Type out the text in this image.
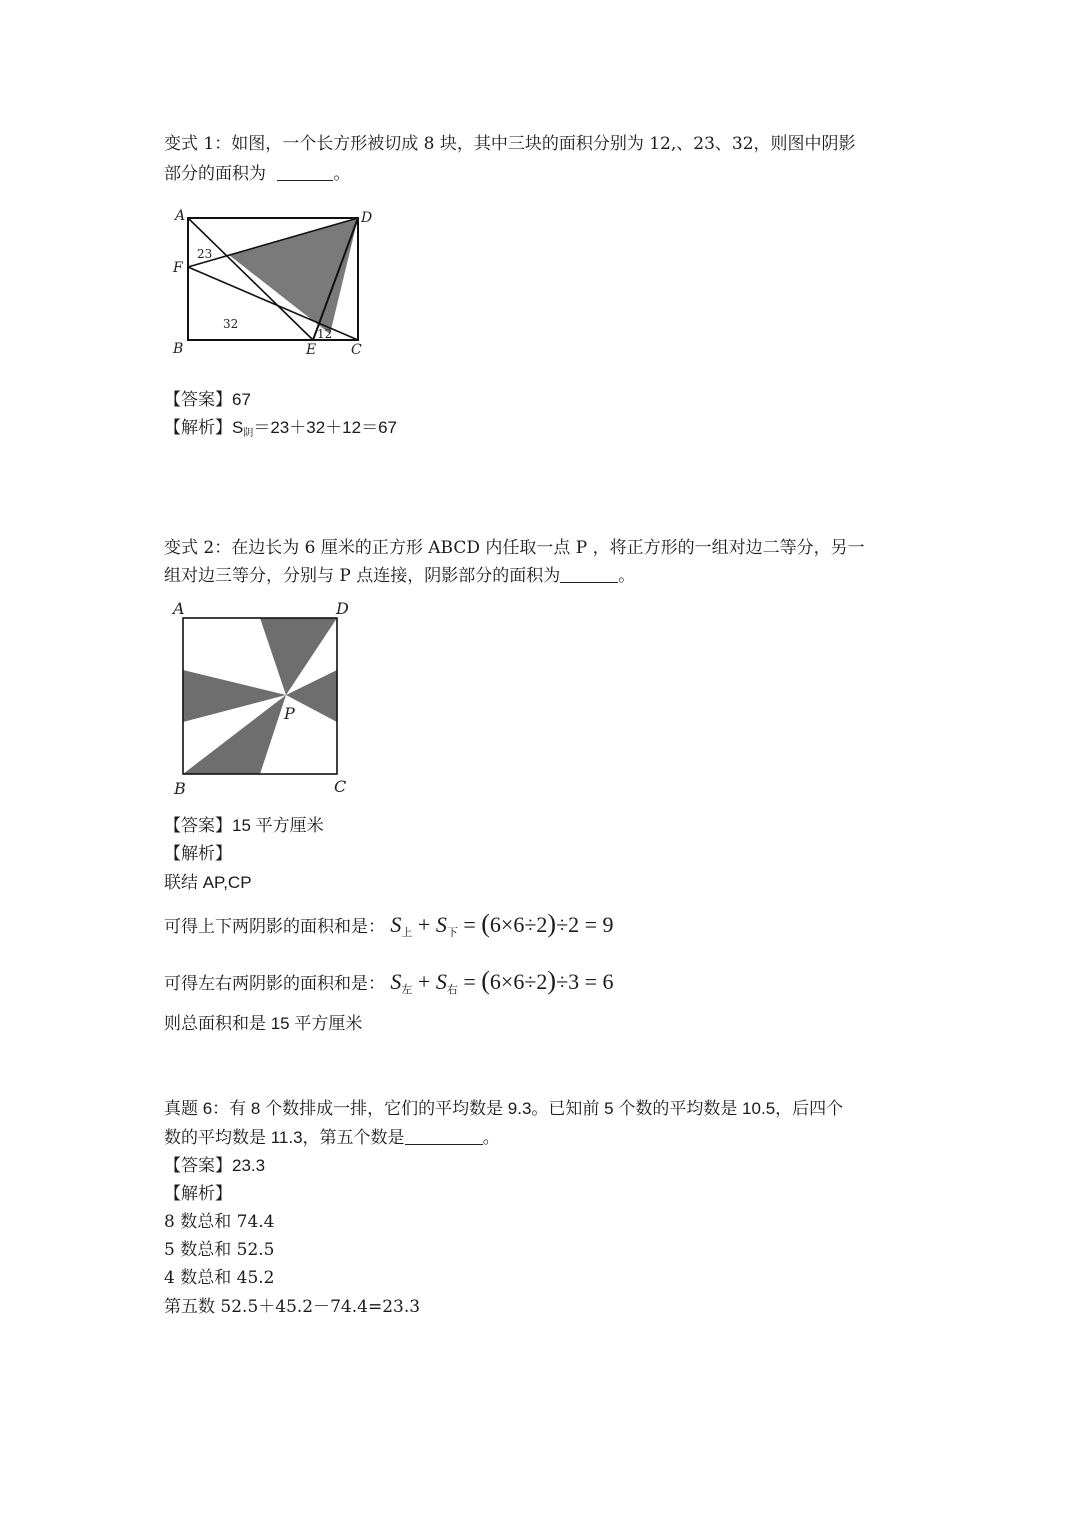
变式 1：如图，一个长方形被切成 8 块，其中三块的面积分别为 12,、23、32，则图中阴影
部分的面积为	。
A	D
F
B	E C
23
32
12
【答案】67
【解析】$S_阴=23+32+12=67$
变式 2：在边长为 6 厘米的正方形 ABCD 内任取一点 P ，将正方形的一组对边二等分，另一
组对边三等分，分别与 P 点连接，阴影部分的面积为	。
A	D
P
B	C
【答案】15 平方厘米
【解析】
联结 AP,CP
可得上下两阴影的面积和是： S上 + S下 = (6×6÷2)÷2 = 9
可得左右两阴影的面积和是： S左 + S右 = (6×6÷2)÷3 = 6
则总面积和是 15 平方厘米
真题 6：有 8 个数排成一排，它们的平均数是 9.3。已知前 5 个数的平均数是 10.5，后四个
数的平均数是 11.3，第五个数是	。
【答案】23.3
【解析】
8 数总和 74.4
5 数总和 52.5
4 数总和 45.2
第五数 52.5＋45.2－74.4=23.3
